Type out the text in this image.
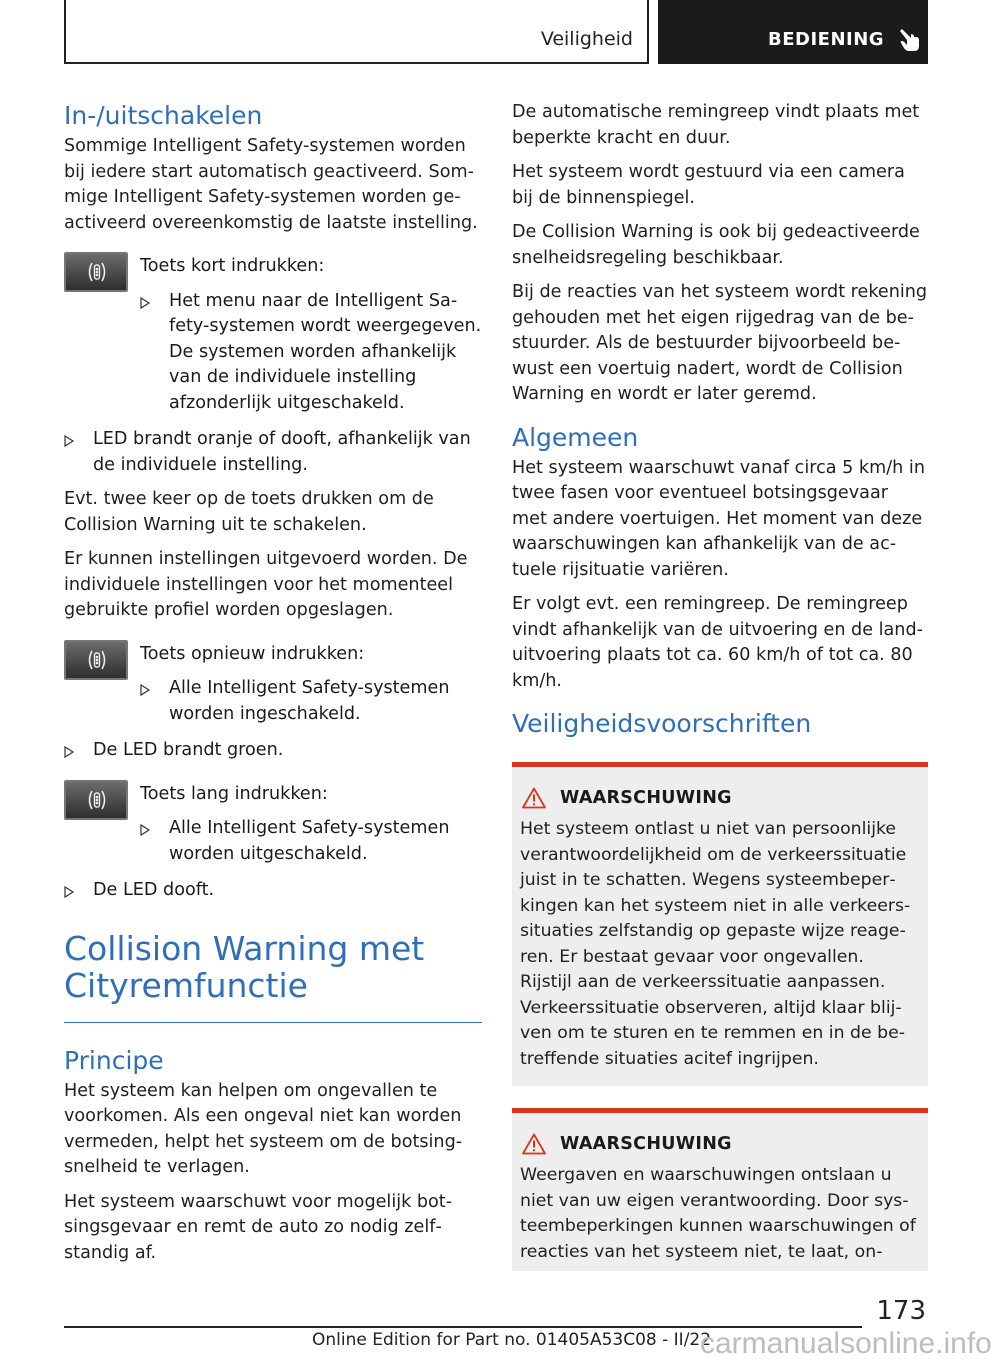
Veiligheid	BEDIENING
In-/uitschakelen
Sommige Intelligent Safety-systemen worden bij iedere start automatisch geactiveerd. Sommige Intelligent Safety-systemen worden geactiveerd overeenkomstig de laatste instelling.
Toets kort indrukken:
Het menu naar de Intelligent Safety-systemen wordt weergegeven. De systemen worden afhankelijk van de individuele instelling afzonderlijk uitgeschakeld.
LED brandt oranje of dooft, afhankelijk van de individuele instelling.
Evt. twee keer op de toets drukken om de Collision Warning uit te schakelen.
Er kunnen instellingen uitgevoerd worden. De individuele instellingen voor het momenteel gebruikte profiel worden opgeslagen.
Toets opnieuw indrukken:
Alle Intelligent Safety-systemen worden ingeschakeld.
De LED brandt groen.
Toets lang indrukken:
Alle Intelligent Safety-systemen worden uitgeschakeld.
De LED dooft.
Collision Warning met Cityremfunctie
Principe
Het systeem kan helpen om ongevallen te voorkomen. Als een ongeval niet kan worden vermeden, helpt het systeem om de botsingsnelheid te verlagen.
Het systeem waarschuwt voor mogelijk botsingsgevaar en remt de auto zo nodig zelfstandig af.
De automatische remingreep vindt plaats met beperkte kracht en duur.
Het systeem wordt gestuurd via een camera bij de binnenspiegel.
De Collision Warning is ook bij gedeactiveerde snelheidsregeling beschikbaar.
Bij de reacties van het systeem wordt rekening gehouden met het eigen rijgedrag van de bestuurder. Als de bestuurder bijvoorbeeld bewust een voertuig nadert, wordt de Collision Warning en wordt er later geremd.
Algemeen
Het systeem waarschuwt vanaf circa 5 km/h in twee fasen voor eventueel botsingsgevaar met andere voertuigen. Het moment van deze waarschuwingen kan afhankelijk van de actuele rijsituatie variëren.
Er volgt evt. een remingreep. De remingreep vindt afhankelijk van de uitvoering en de landuitvoering plaats tot ca. 60 km/h of tot ca. 80 km/h.
Veiligheidsvoorschriften
WAARSCHUWING
Het systeem ontlast u niet van persoonlijke verantwoordelijkheid om de verkeerssituatie juist in te schatten. Wegens systeembeperkingen kan het systeem niet in alle verkeerssituaties zelfstandig op gepaste wijze reageren. Er bestaat gevaar voor ongevallen. Rijstijl aan de verkeerssituatie aanpassen. Verkeerssituatie observeren, altijd klaar blijven om te sturen en te remmen en in de betreffende situaties acitef ingrijpen.
WAARSCHUWING
Weergaven en waarschuwingen ontslaan u niet van uw eigen verantwoording. Door systeembeperkingen kunnen waarschuwingen of reacties van het systeem niet, te laat, on-
173
Online Edition for Part no. 01405A53C08 - II/22
carmanualsonline.info
